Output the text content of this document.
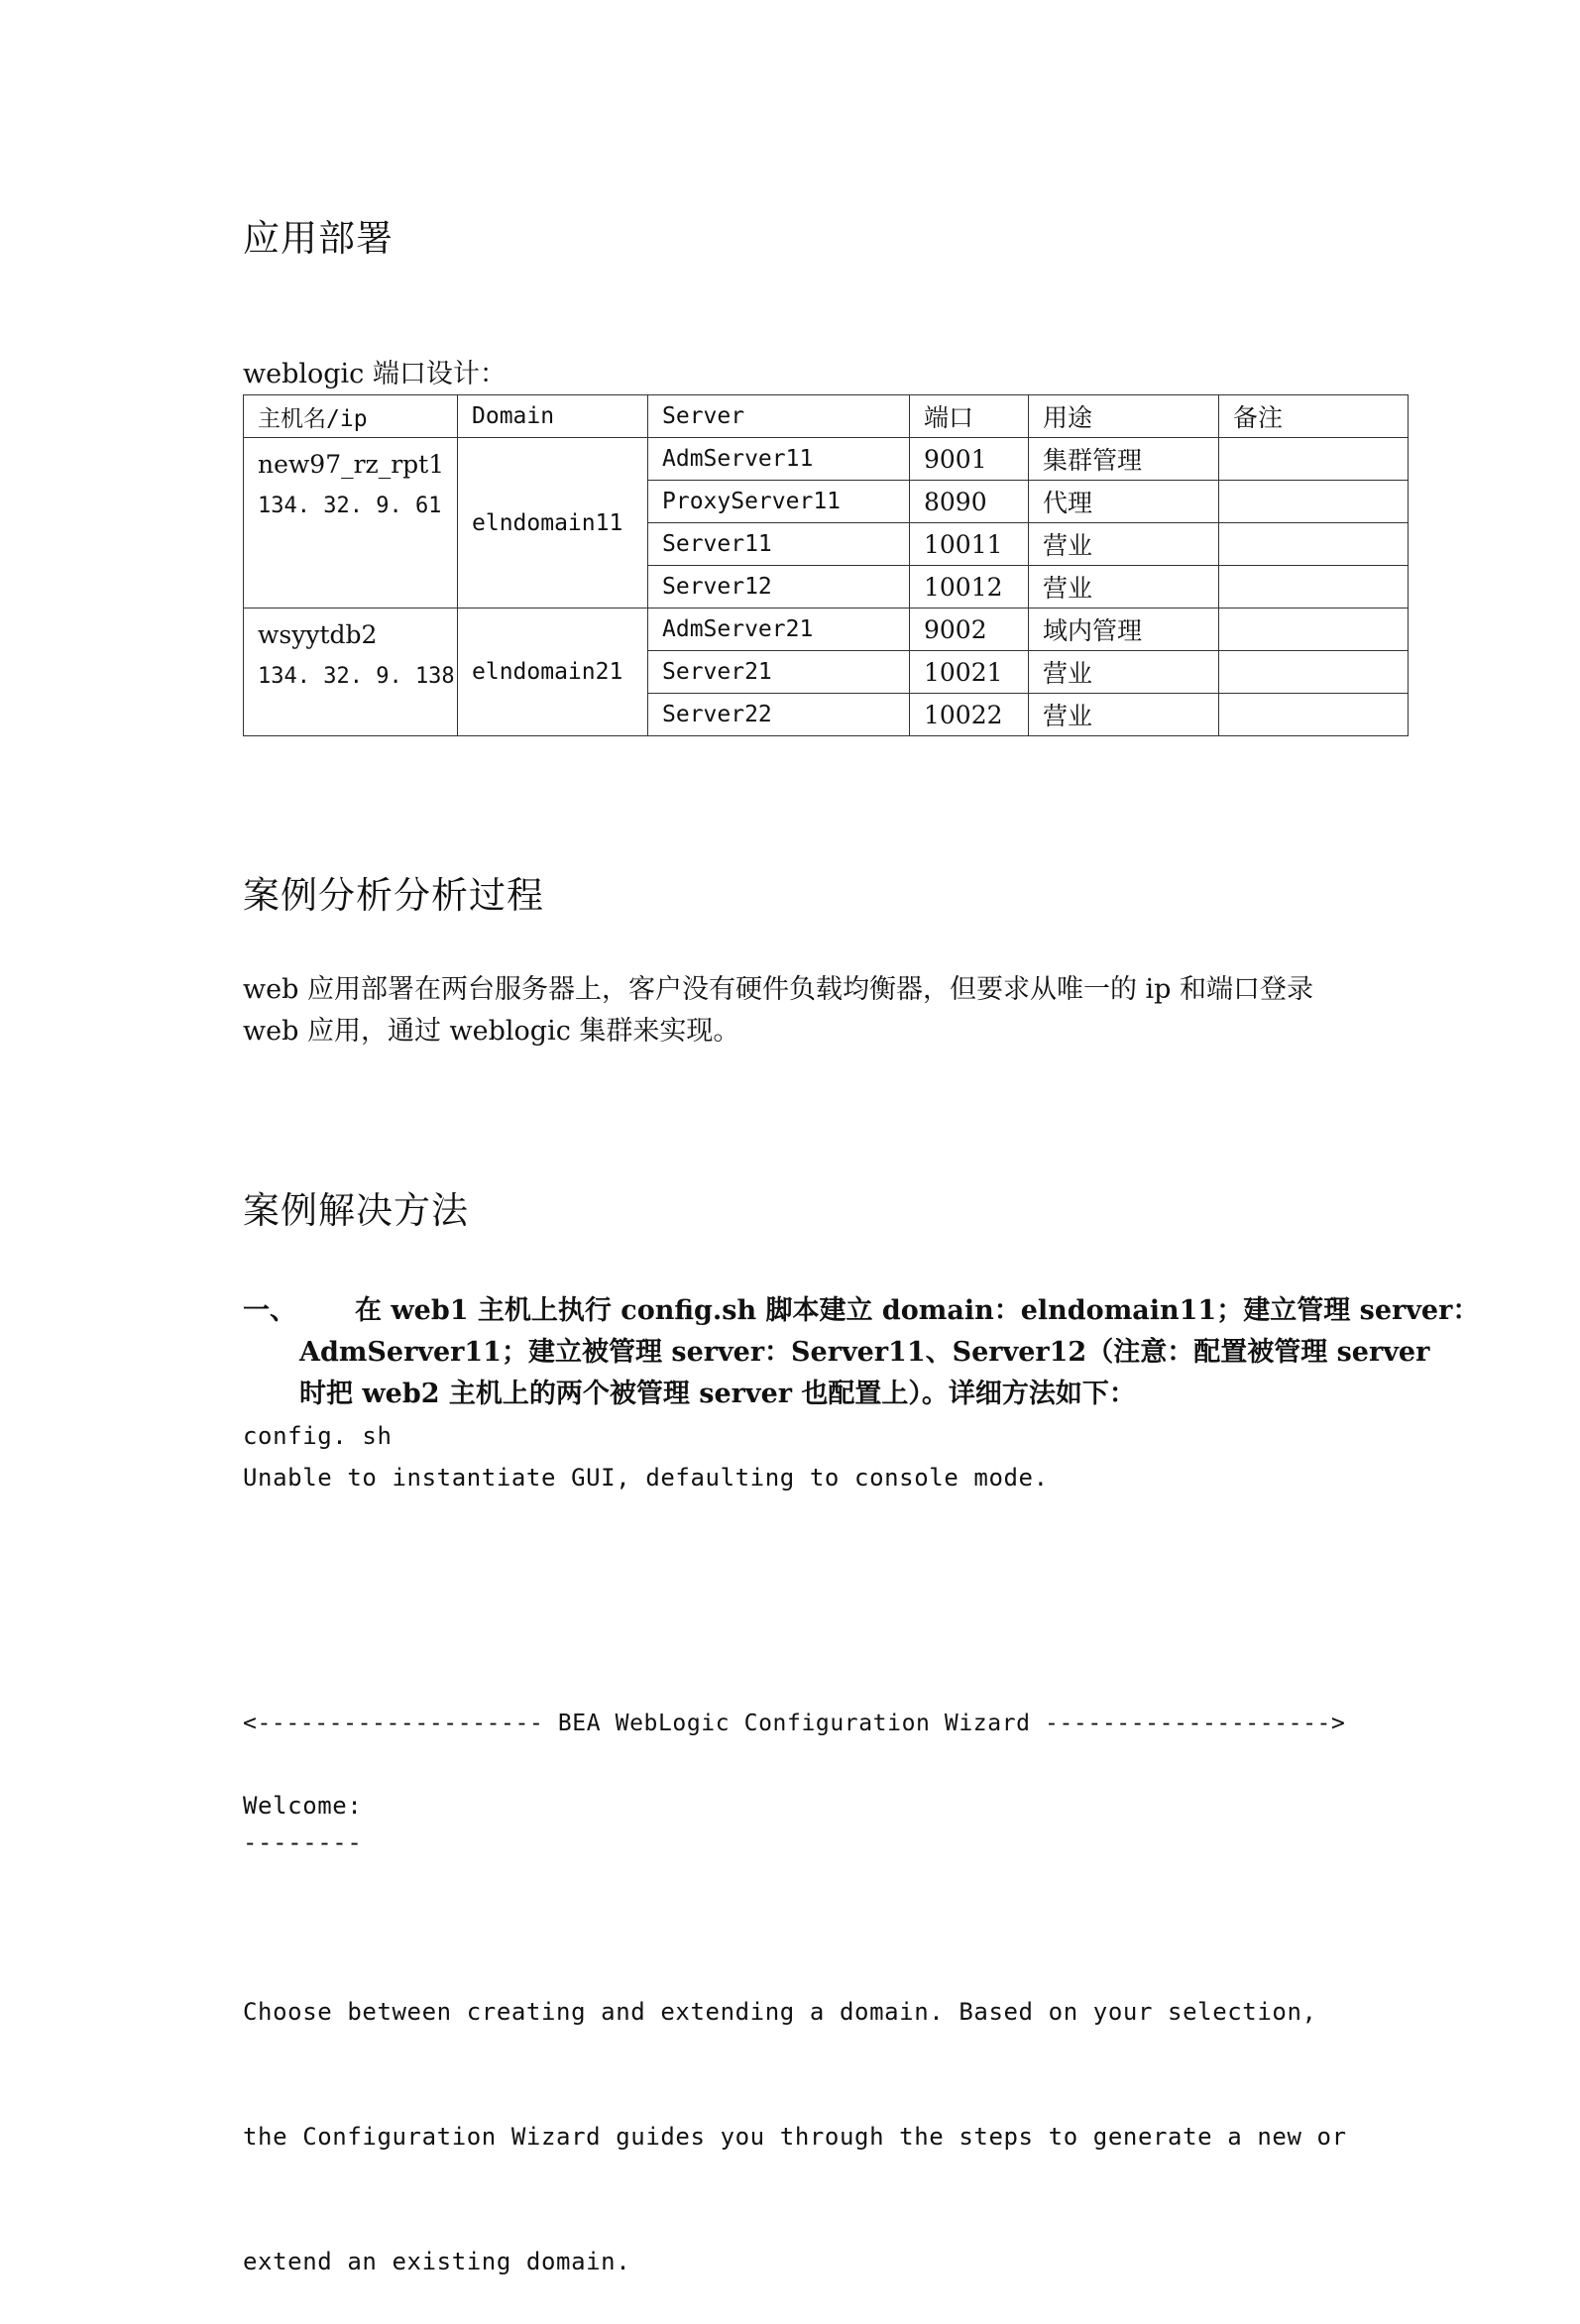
应用部署
weblogic 端口设计：
主机名/ip	Domain	Server	端口	用途	备注

new97_rz_rpt1
134. 32. 9. 61	elndomain11	AdmServer11	9001	集群管理	
		ProxyServer11	8090	代理	
		Server11	10011	营业	
		Server12	10012	营业	

wsyytdb2
134. 32. 9. 138	elndomain21	AdmServer21	9002	域内管理	
		Server21	10021	营业	
		Server22	10022	营业	
案例分析分析过程
web 应用部署在两台服务器上，客户没有硬件负载均衡器，但要求从唯一的 ip 和端口登录
web 应用，通过 weblogic 集群来实现。
案例解决方法
一、 在 web1 主机上执行 config.sh 脚本建立 domain：elndomain11；建立管理 server：
AdmServer11；建立被管理 server：Server11、Server12（注意：配置被管理 server
时把 web2 主机上的两个被管理 server 也配置上）。详细方法如下：
config. sh
Unable to instantiate GUI, defaulting to console mode.
<-------------------- BEA WebLogic Configuration Wizard -------------------->
Welcome:
--------

Choose between creating and extending a domain. Based on your selection,

the Configuration Wizard guides you through the steps to generate a new or

extend an existing domain.
